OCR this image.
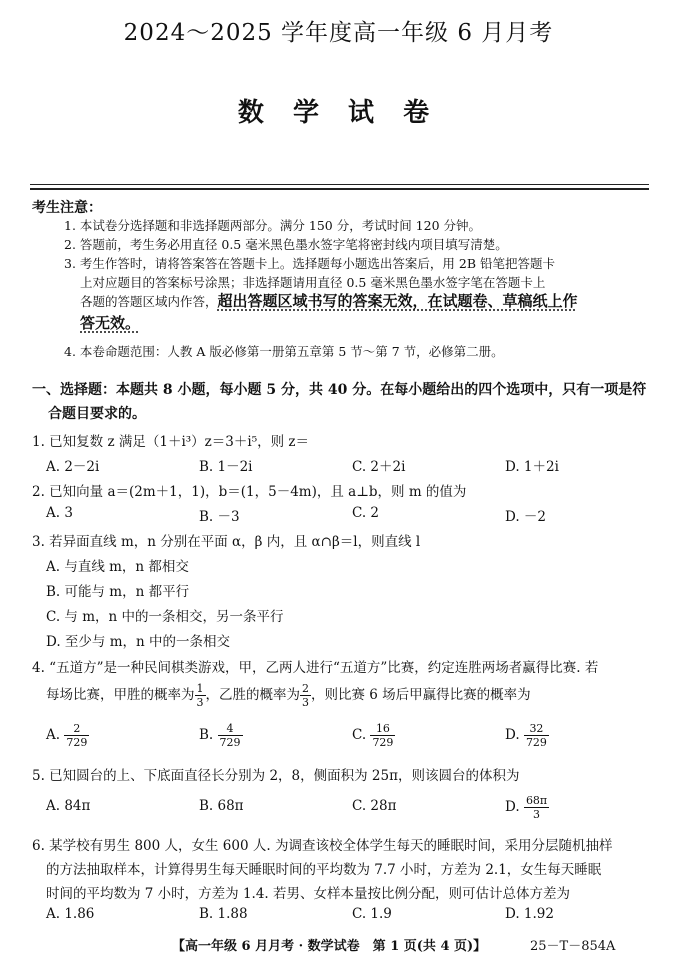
2024～2025 学年度高一年级 6 月月考
数 学 试 卷
考生注意：
1. 本试卷分选择题和非选择题两部分。满分 150 分，考试时间 120 分钟。
2. 答题前，考生务必用直径 0.5 毫米黑色墨水签字笔将密封线内项目填写清楚。
3. 考生作答时，请将答案答在答题卡上。选择题每小题选出答案后，用 2B 铅笔把答题卡
上对应题目的答案标号涂黑；非选择题请用直径 0.5 毫米黑色墨水签字笔在答题卡上
各题的答题区域内作答，超出答题区域书写的答案无效，在试题卷、草稿纸上作
答无效。
4. 本卷命题范围：人教 A 版必修第一册第五章第 5 节～第 7 节，必修第二册。
一、选择题：本题共 8 小题，每小题 5 分，共 40 分。在每小题给出的四个选项中，只有一项是符
合题目要求的。
1. 已知复数 z 满足（1＋i³）z＝3＋i⁵，则 z＝
A. 2－2i	B. 1－2i	C. 2＋2i	D. 1＋2i
2. 已知向量 a＝(2m＋1，1)，b＝(1，5－4m)，且 a⊥b，则 m 的值为
A. 3	B. －3	C. 2	D. －2
3. 若异面直线 m，n 分别在平面 α，β 内，且 α∩β＝l，则直线 l
A. 与直线 m，n 都相交
B. 可能与 m，n 都平行
C. 与 m，n 中的一条相交，另一条平行
D. 至少与 m，n 中的一条相交
4. “五道方”是一种民间棋类游戏，甲，乙两人进行“五道方”比赛，约定连胜两场者赢得比赛. 若
每场比赛，甲胜的概率为 $\frac{1}{3}$ ，乙胜的概率为 $\frac{2}{3}$ ，则比赛 6 场后甲赢得比赛的概率为
A. $\frac{2}{729}$	B. $\frac{4}{729}$	C. $\frac{16}{729}$	D. $\frac{32}{729}$
5. 已知圆台的上、下底面直径长分别为 2，8，侧面积为 25π，则该圆台的体积为
A. 84π	B. 68π	C. 28π	D. $\frac{68\pi}{3}$
6. 某学校有男生 800 人，女生 600 人. 为调查该校全体学生每天的睡眠时间，采用分层随机抽样
的方法抽取样本，计算得男生每天睡眠时间的平均数为 7.7 小时，方差为 2.1，女生每天睡眠
时间的平均数为 7 小时，方差为 1.4. 若男、女样本量按比例分配，则可估计总体方差为
A. 1.86	B. 1.88	C. 1.9	D. 1.92
【高一年级 6 月月考 · 数学试卷　第 1 页(共 4 页)】	25－T－854A
